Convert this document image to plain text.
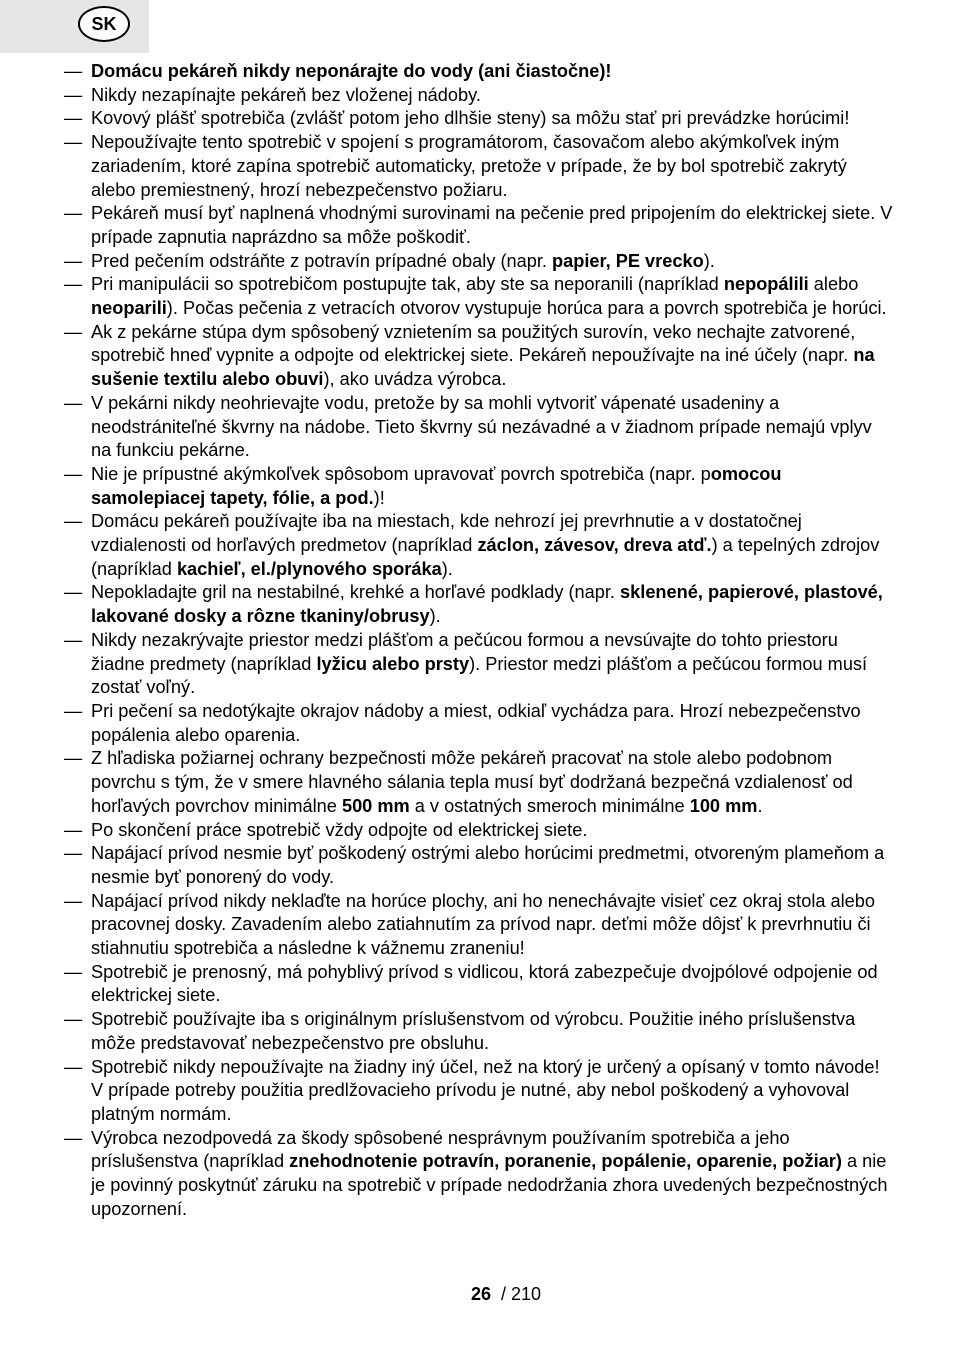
SK
— Domácu pekáreň nikdy neponárajte do vody (ani čiastočne)!
— Nikdy nezapínajte pekáreň bez vloženej nádoby.
— Kovový plášť spotrebiča (zvlášť potom jeho dlhšie steny) sa môžu stať pri prevádzke horúcimi!
— Nepoužívajte tento spotrebič v spojení s programátorom, časovačom alebo akýmkoľvek iným zariadením, ktoré zapína spotrebič automaticky, pretože v prípade, že by bol spotrebič zakrytý alebo premiestnený, hrozí nebezpečenstvo požiaru.
— Pekáreň musí byť naplnená vhodnými surovinami na pečenie pred pripojením do elektrickej siete. V prípade zapnutia naprázdno sa môže poškodiť.
— Pred pečením odstráňte z potravín prípadné obaly (napr. papier, PE vrecko).
— Pri manipulácii so spotrebičom postupujte tak, aby ste sa neporanili (napríklad nepopálili alebo neoparili). Počas pečenia z vetracích otvorov vystupuje horúca para a povrch spotrebiča je horúci.
— Ak z pekárne stúpa dym spôsobený vznietením sa použitých surovín, veko nechajte zatvorené, spotrebič hneď vypnite a odpojte od elektrickej siete. Pekáreň nepoužívajte na iné účely (napr. na sušenie textilu alebo obuvi), ako uvádza výrobca.
— V pekárni nikdy neohrievajte vodu, pretože by sa mohli vytvoriť vápenaté usadeniny a neodstrániteľné škvrny na nádobe. Tieto škvrny sú nezávadné a v žiadnom prípade nemajú vplyv na funkciu pekárne.
— Nie je prípustné akýmkoľvek spôsobom upravovať povrch spotrebiča (napr. pomocou samolepiacej tapety, fólie, a pod.)!
— Domácu pekáreň používajte iba na miestach, kde nehrozí jej prevrhnutie a v dostatočnej vzdialenosti od horľavých predmetov (napríklad záclon, závesov, dreva atď.) a tepelných zdrojov (napríklad kachieľ, el./plynového sporáka).
— Nepokladajte gril na nestabilné, krehké a horľavé podklady (napr. sklenené, papierové, plastové, lakované dosky a rôzne tkaniny/obrusy).
— Nikdy nezakrývajte priestor medzi plášťom a pečúcou formou a nevsúvajte do tohto priestoru žiadne predmety (napríklad lyžicu alebo prsty). Priestor medzi plášťom a pečúcou formou musí zostať voľný.
— Pri pečení sa nedotýkajte okrajov nádoby a miest, odkiaľ vychádza para. Hrozí nebezpečenstvo popálenia alebo oparenia.
— Z hľadiska požiarnej ochrany bezpečnosti môže pekáreň pracovať na stole alebo podobnom povrchu s tým, že v smere hlavného sálania tepla musí byť dodržaná bezpečná vzdialenosť od horľavých povrchov minimálne 500 mm a v ostatných smeroch minimálne 100 mm.
— Po skončení práce spotrebič vždy odpojte od elektrickej siete.
— Napájací prívod nesmie byť poškodený ostrými alebo horúcimi predmetmi, otvoreným plameňom a nesmie byť ponorený do vody.
— Napájací prívod nikdy neklaďte na horúce plochy, ani ho nenechávajte visieť cez okraj stola alebo pracovnej dosky. Zavadením alebo zatiahnutím za prívod napr. deťmi môže dôjsť k prevrhnutiu či stiahnutiu spotrebiča a následne k vážnemu zraneniu!
— Spotrebič je prenosný, má pohyblivý prívod s vidlicou, ktorá zabezpečuje dvojpólové odpojenie od elektrickej siete.
— Spotrebič používajte iba s originálnym príslušenstvom od výrobcu. Použitie iného príslušenstva môže predstavovať nebezpečenstvo pre obsluhu.
— Spotrebič nikdy nepoužívajte na žiadny iný účel, než na ktorý je určený a opísaný v tomto návode! V prípade potreby použitia predlžovacieho prívodu je nutné, aby nebol poškodený a vyhovoval platným normám.
— Výrobca nezodpovedá za škody spôsobené nesprávnym používaním spotrebiča a jeho príslušenstva (napríklad znehodnotenie potravín, poranenie, popálenie, oparenie, požiar) a nie je povinný poskytnúť záruku na spotrebič v prípade nedodržania zhora uvedených bezpečnostných upozornení.
26 / 210
